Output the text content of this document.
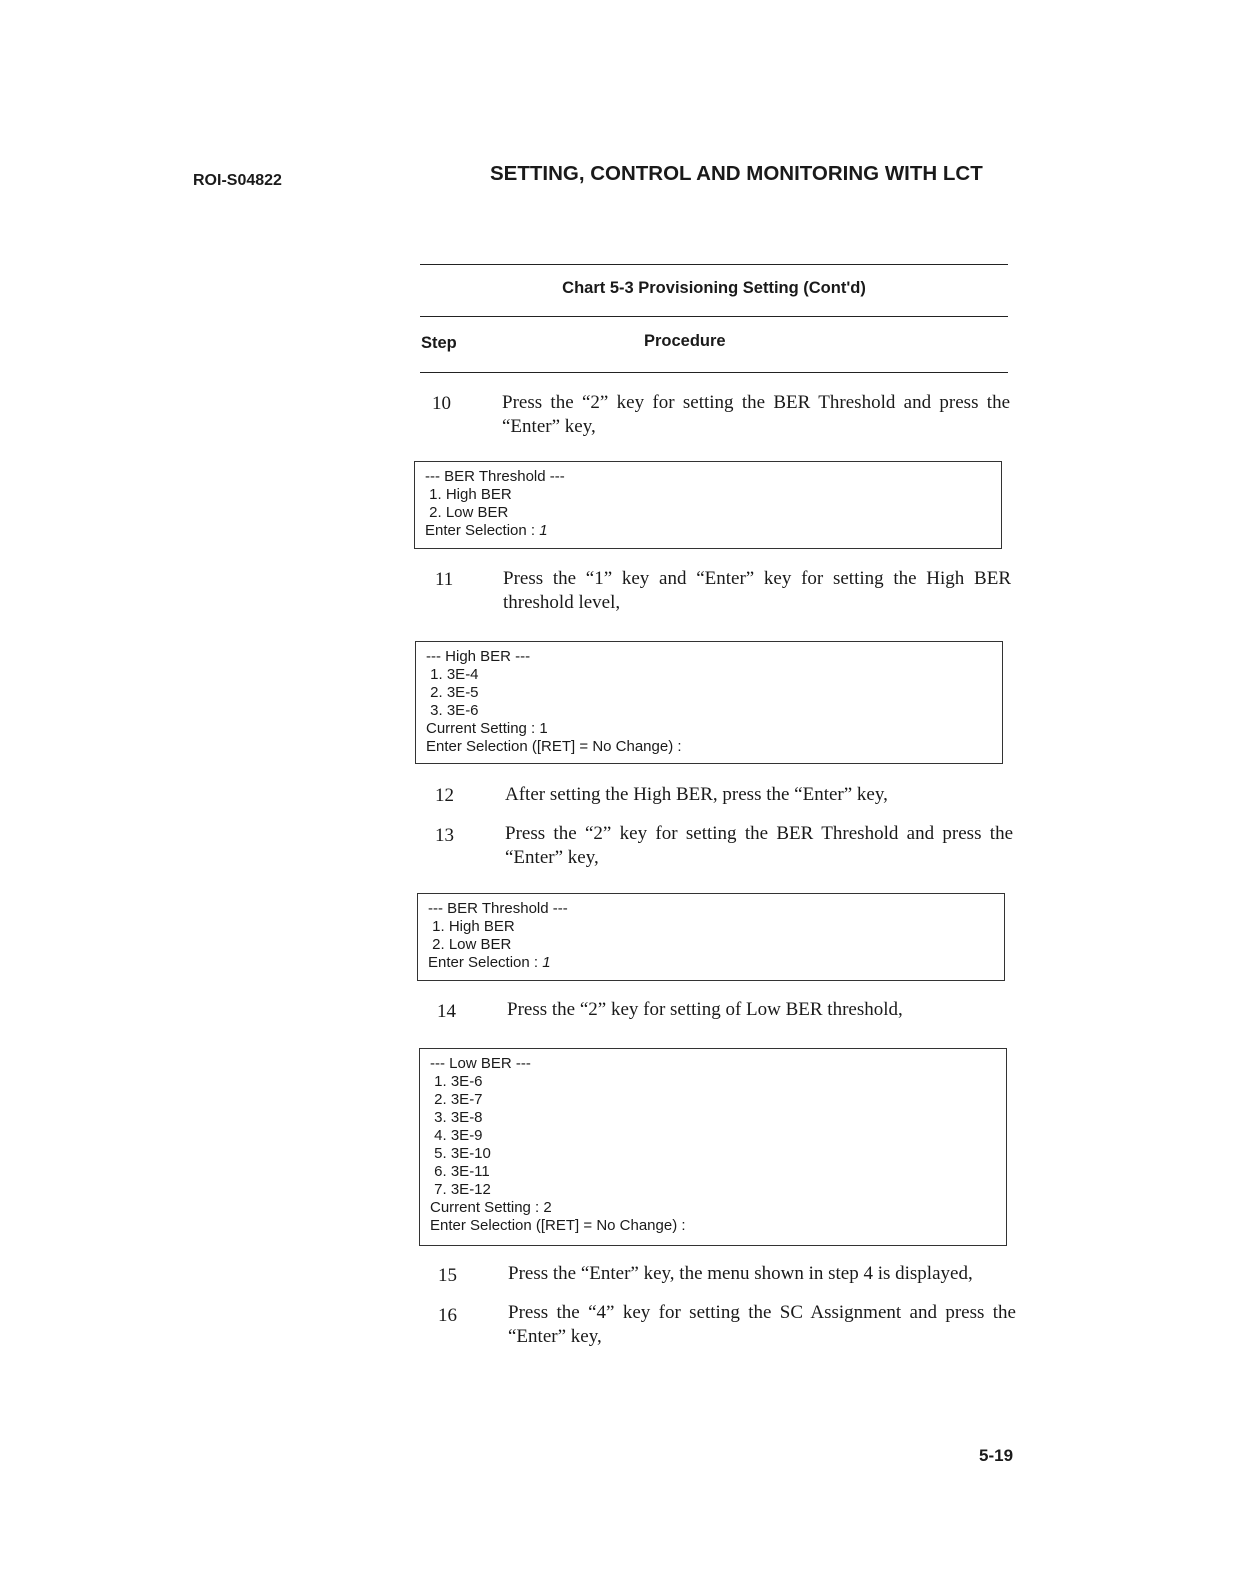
ROI-S04822	SETTING, CONTROL AND MONITORING WITH LCT
Chart 5-3 Provisioning Setting (Cont'd)
Step	Procedure
10	Press the “2” key for setting the BER Threshold and press the “Enter” key,
--- BER Threshold ---
1. High BER
2. Low BER
Enter Selection : 1
11	Press the “1” key and “Enter” key for setting the High BER threshold level,
--- High BER ---
1. 3E-4
2. 3E-5
3. 3E-6
Current Setting : 1
Enter Selection ([RET] = No Change) :
12	After setting the High BER, press the “Enter” key,
13	Press the “2” key for setting the BER Threshold and press the “Enter” key,
--- BER Threshold ---
1. High BER
2. Low BER
Enter Selection : 1
14	Press the “2” key for setting of Low BER threshold,
--- Low BER ---
1. 3E-6
2. 3E-7
3. 3E-8
4. 3E-9
5. 3E-10
6. 3E-11
7. 3E-12
Current Setting : 2
Enter Selection ([RET] = No Change) :
15	Press the “Enter” key, the menu shown in step 4 is displayed,
16	Press the “4” key for setting the SC Assignment and press the “Enter” key,
5-19
